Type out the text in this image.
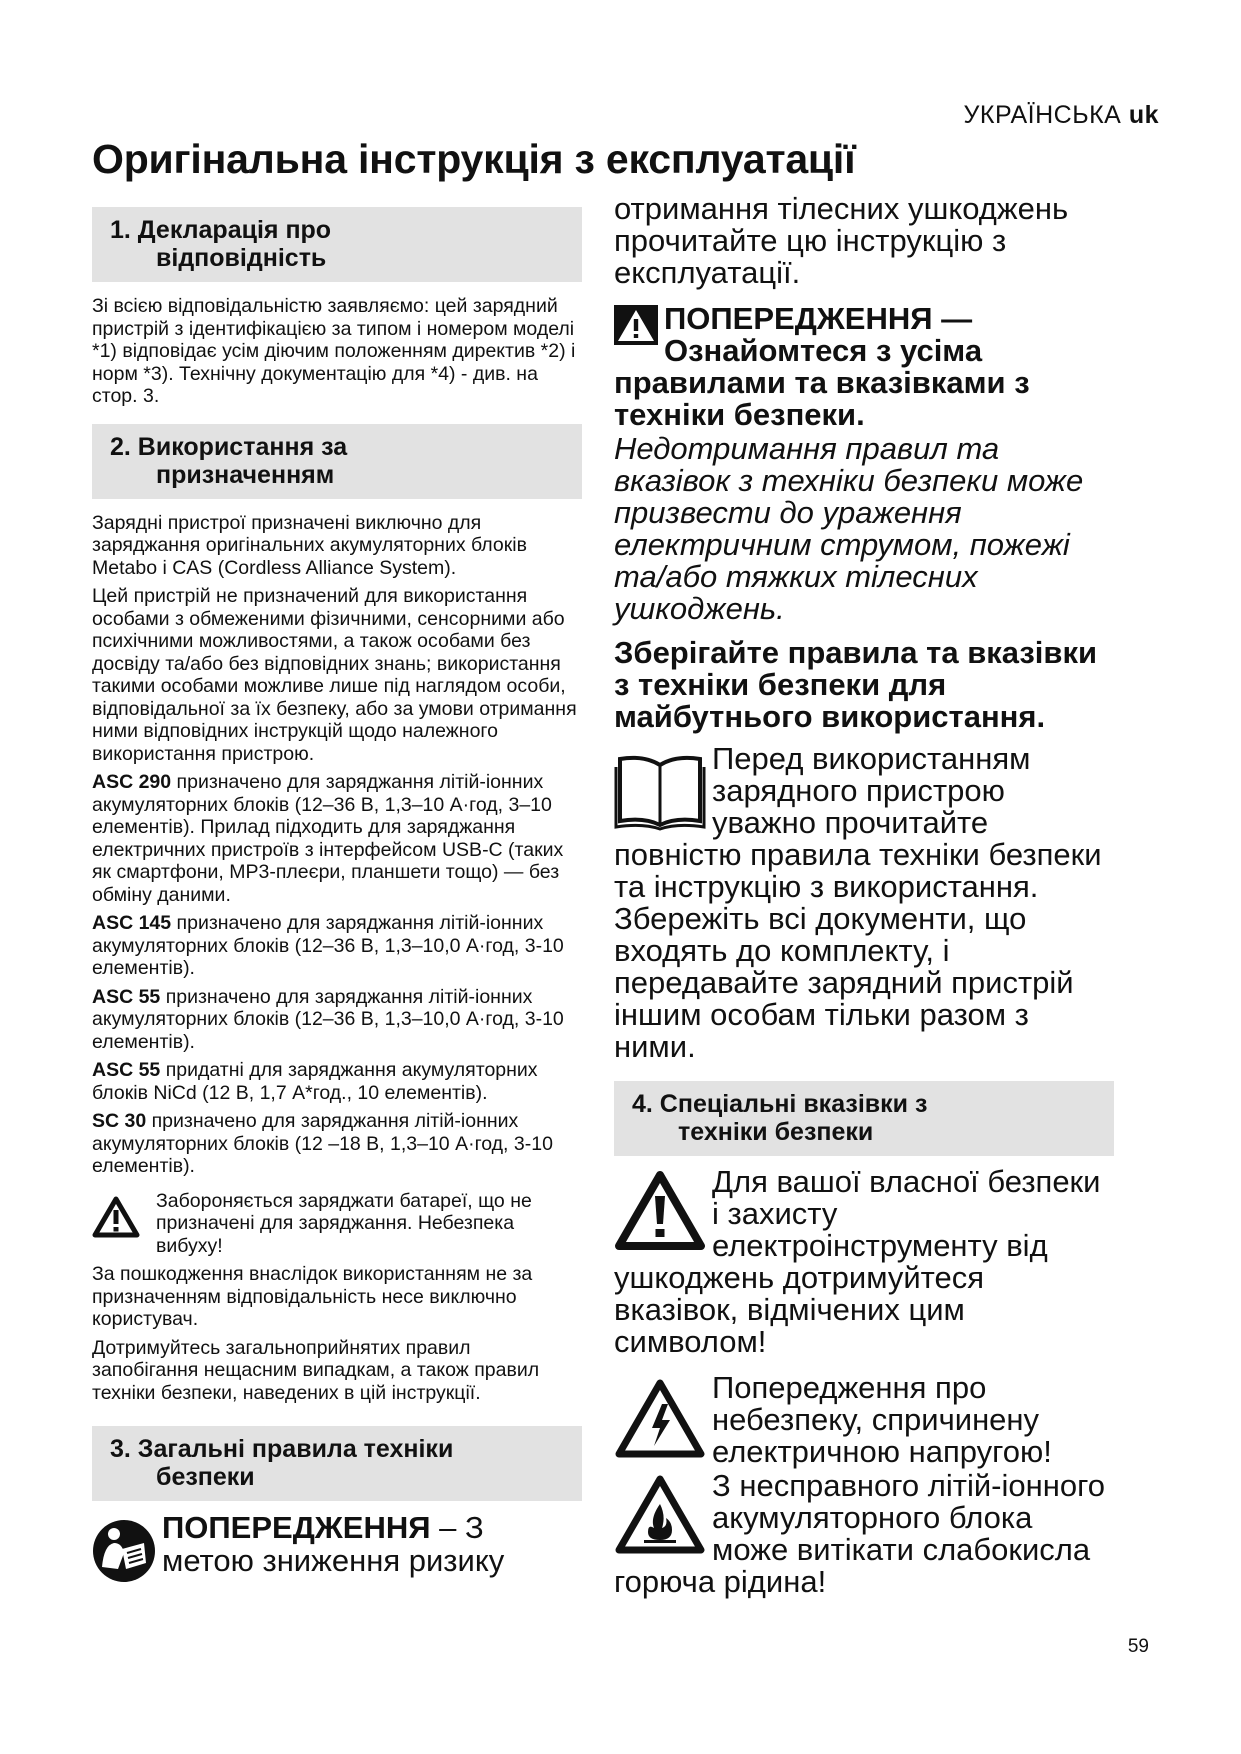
УКРАЇНСЬКА uk
Оригінальна інструкція з експлуатації
1. Декларація про
відповідність

Зі всією відповідальністю заявляємо: цей зарядний пристрій з ідентифікацією за типом і номером моделі *1) відповідає усім діючим положенням директив *2) і норм *3). Технічну документацію для *4) - див. на стор. 3.

2. Використання за
призначенням

Зарядні пристрої призначені виключно для заряджання оригінальних акумуляторних блоків Metabo і CAS (Cordless Alliance System).

Цей пристрій не призначений для використання особами з обмеженими фізичними, сенсорними або психічними можливостями, а також особами без досвіду та/або без відповідних знань; використання такими особами можливе лише під наглядом особи, відповідальної за їх безпеку, або за умови отримання ними відповідних інструкцій щодо належного використання пристрою.

ASC 290 призначено для заряджання літій-іонних акумуляторних блоків (12–36 В, 1,3–10 А·год, 3–10 елементів). Прилад підходить для заряджання електричних пристроїв з інтерфейсом USB-C (таких як смартфони, MP3-плеєри, планшети тощо) — без обміну даними.

ASC 145 призначено для заряджання літій-іонних акумуляторних блоків (12–36 В, 1,3–10,0 А·год, 3-10 елементів).

ASC 55 призначено для заряджання літій-іонних акумуляторних блоків (12–36 В, 1,3–10,0 А·год, 3-10 елементів).

ASC 55 придатні для заряджання акумуляторних блоків NiCd (12 В, 1,7 А*год., 10 елементів).

SC 30 призначено для заряджання літій-іонних акумуляторних блоків (12 –18 В, 1,3–10 А·год, 3-10 елементів).

Забороняється заряджати батареї, що не призначені для заряджання. Небезпека вибуху!

За пошкодження внаслідок використанням не за призначенням відповідальність несе виключно користувач.

Дотримуйтесь загальноприйнятих правил запобігання нещасним випадкам, а також правил техніки безпеки, наведених в цій інструкції.

3. Загальні правила техніки
безпеки

ПОПЕРЕДЖЕННЯ – З метою зниження ризику

отримання тілесних ушкоджень прочитайте цю інструкцію з експлуатації.

ПОПЕРЕДЖЕННЯ —

Ознайомтеся з усіма

правилами та вказівками з техніки безпеки.

Недотримання правил та вказівок з техніки безпеки може призвести до ураження електричним струмом, пожежі та/або тяжких тілесних ушкоджень.

Зберігайте правила та вказівки з техніки безпеки для майбутнього використання.

Перед використанням зарядного пристрою уважно прочитайте повністю правила техніки безпеки та інструкцію з використання. Збережіть всі документи, що входять до комплекту, і передавайте зарядний пристрій іншим особам тільки разом з ними.

4. Спеціальні вказівки з
техніки безпеки

Для вашої власної безпеки і захисту електроінструменту від ушкоджень дотримуйтеся вказівок, відмічених цим символом!

Попередження про небезпеку, спричинену електричною напругою!

З несправного літій-іонного акумуляторного блока може витікати слабокисла горюча рідина!

59
